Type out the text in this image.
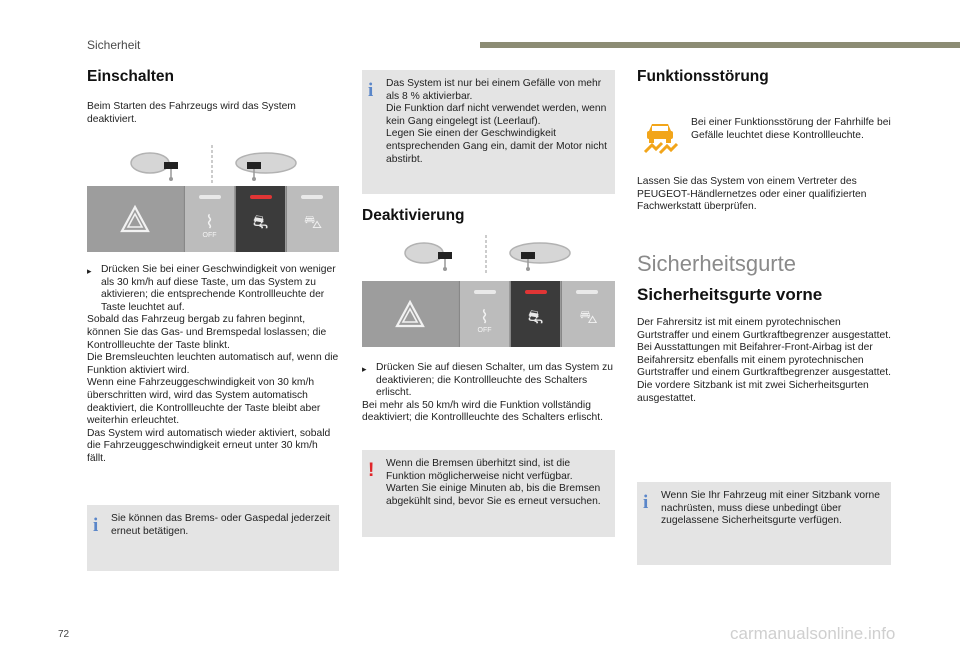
Sicherheit
Einschalten
Beim Starten des Fahrzeugs wird das System deaktiviert.
⌇
OFF
⛐	⛍
▸ Drücken Sie bei einer Geschwindigkeit von weniger als 30 km/h auf diese Taste, um das System zu aktivieren; die entsprechende Kontrollleuchte der Taste leuchtet auf.

Sobald das Fahrzeug bergab zu fahren beginnt, können Sie das Gas- und Bremspedal loslassen; die Kontrollleuchte der Taste blinkt.

Die Bremsleuchten leuchten automatisch auf, wenn die Funktion aktiviert wird.

Wenn eine Fahrzeuggeschwindigkeit von 30 km/h überschritten wird, wird das System automatisch deaktiviert, die Kontrollleuchte der Taste bleibt aber weiterhin erleuchtet.

Das System wird automatisch wieder aktiviert, sobald die Fahrzeuggeschwindigkeit erneut unter 30 km/h fällt.

i Sie können das Brems- oder Gaspedal jederzeit erneut betätigen.
i Das System ist nur bei einem Gefälle von mehr als 8 % aktivierbar.

Die Funktion darf nicht verwendet werden, wenn kein Gang eingelegt ist (Leerlauf).

Legen Sie einen der Geschwindigkeit entsprechenden Gang ein, damit der Motor nicht abstirbt.

Deaktivierung
⌇
OFF
⛐	⛍
▸ Drücken Sie auf diesen Schalter, um das System zu deaktivieren; die Kontrollleuchte des Schalters erlischt.

Bei mehr als 50 km/h wird die Funktion vollständig deaktiviert; die Kontrollleuchte des Schalters erlischt.

! Wenn die Bremsen überhitzt sind, ist die Funktion möglicherweise nicht verfügbar. Warten Sie einige Minuten ab, bis die Bremsen abgekühlt sind, bevor Sie es erneut versuchen.
Funktionsstörung
Bei einer Funktionsstörung der Fahrhilfe bei Gefälle leuchtet diese Kontrollleuchte.
Lassen Sie das System von einem Vertreter des PEUGEOT-Händlernetzes oder einer qualifizierten Fachwerkstatt überprüfen.
Sicherheitsgurte
Sicherheitsgurte vorne

Der Fahrersitz ist mit einem pyrotechnischen Gurtstraffer und einem Gurtkraftbegrenzer ausgestattet.

Bei Ausstattungen mit Beifahrer-Front-Airbag ist der Beifahrersitz ebenfalls mit einem pyrotechnischen Gurtstraffer und einem Gurtkraftbegrenzer ausgestattet.

Die vordere Sitzbank ist mit zwei Sicherheitsgurten ausgestattet.

i Wenn Sie Ihr Fahrzeug mit einer Sitzbank vorne nachrüsten, muss diese unbedingt über zugelassene Sicherheitsgurte verfügen.
72	carmanualsonline.info
